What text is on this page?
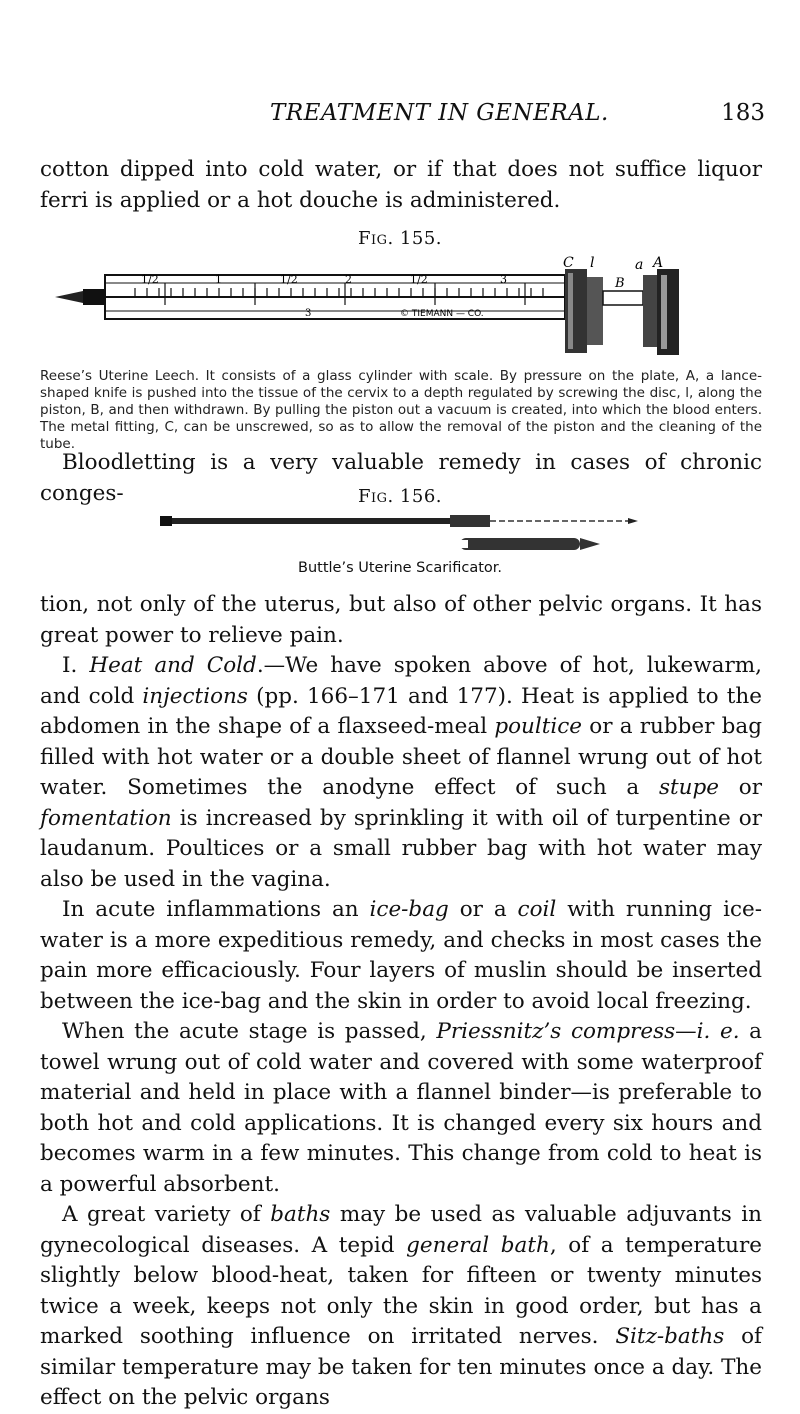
TREATMENT IN GENERAL.	183

cotton dipped into cold water, or if that does not suffice liquor ferri is applied or a hot douche is administered.

Fig. 155.
1/2	1	1/2	2	1/2	3
3	© TIEMANN — CO.
C l	a A
B
Reese’s Uterine Leech. It consists of a glass cylinder with scale. By pressure on the plate, A, a lance-shaped knife is pushed into the tissue of the cervix to a depth regulated by screwing the disc, l, along the piston, B, and then withdrawn. By pulling the piston out a vacuum is created, into which the blood enters. The metal fitting, C, can be unscrewed, so as to allow the removal of the piston and the cleaning of the tube.

Bloodletting is a very valuable remedy in cases of chronic conges-	Fig. 156.
Buttle’s Uterine Scarificator.

tion, not only of the uterus, but also of other pelvic organs. It has great power to relieve pain.

I. Heat and Cold.—We have spoken above of hot, lukewarm, and cold injections (pp. 166–171 and 177). Heat is applied to the abdomen in the shape of a flaxseed-meal poultice or a rubber bag filled with hot water or a double sheet of flannel wrung out of hot water. Sometimes the anodyne effect of such a stupe or fomentation is increased by sprinkling it with oil of turpentine or laudanum. Poultices or a small rubber bag with hot water may also be used in the vagina.

In acute inflammations an ice-bag or a coil with running ice-water is a more expeditious remedy, and checks in most cases the pain more efficaciously. Four layers of muslin should be inserted between the ice-bag and the skin in order to avoid local freezing.

When the acute stage is passed, Priessnitz’s compress—i. e. a towel wrung out of cold water and covered with some waterproof material and held in place with a flannel binder—is preferable to both hot and cold applications. It is changed every six hours and becomes warm in a few minutes. This change from cold to heat is a powerful absorbent.

A great variety of baths may be used as valuable adjuvants in gynecological diseases. A tepid general bath, of a temperature slightly below blood-heat, taken for fifteen or twenty minutes twice a week, keeps not only the skin in good order, but has a marked soothing influence on irritated nerves. Sitz-baths of similar temperature may be taken for ten minutes once a day. The effect on the pelvic organs
